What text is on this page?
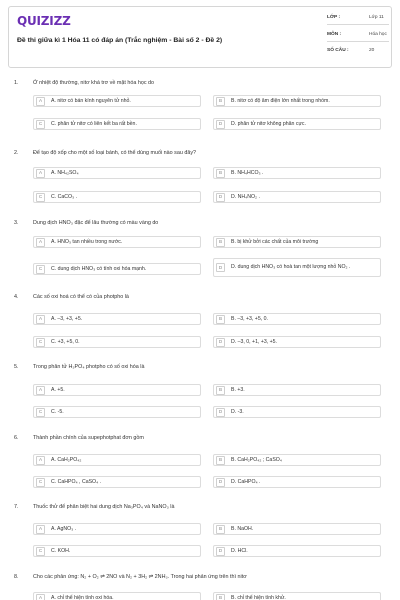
QUIZIZZ
Đề thi giữa kì 1 Hóa 11 có đáp án (Trắc nghiệm - Bài số 2 - Đề 2)
LỚP :	Lớp 11
MÔN :	Hóa học
SỐ CÂU :	20
1.	Ở nhiệt độ thường, nitơ khá trơ về mặt hóa học do
A	A. nitơ có bán kính nguyên tử nhỏ.	B	B. nitơ có độ âm điện lớn nhất trong nhóm.
C	C. phân tử nitơ có liên kết ba rất bền.	D	D. phân tử nitơ không phân cực.
2.	Để tạo độ xốp cho một số loại bánh, có thể dùng muối nào sau đây?
A	A. NH₄₂SO₄	B	B. NH₄HCO₃ .
C	C. CaCO₃ .	D	D. NH₄NO₂ .
3.	Dung dịch HNO₃ đặc để lâu thường có màu vàng do
A	A. HNO₃ tan nhiều trong nước.	B	B. bị khử bởi các chất của môi trường
C	C. dung dịch HNO₃ có tính oxi hóa mạnh.	D	D. dung dịch HNO₃ có hoà tan một lượng nhỏ NO₂ .
4.	Các số oxi hoá có thể có của photpho là
A	A. –3, +3, +5.	B	B. –3, +3, +5, 0.
C	C. +3, +5, 0.	D	D. –3, 0, +1, +3, +5.
5.	Trong phân tử H₃PO₄ photpho có số oxi hóa là
A	A. +5.	B	B. +3.
C	C. -5.	D	D. -3.
6.	Thành phần chính của supephotphat đơn gồm
A	A. CaH₂PO₄₂	B	B. CaH₂PO₄₂ ; CaSO₄
C	C. CaHPO₄ , CaSO₄ .	D	D. CaHPO₄ .
7.	Thuốc thử để phân biệt hai dung dịch Na₃PO₄ và NaNO₃ là
A	A. AgNO₃ .	B	B. NaOH.
C	C. KOH.	D	D. HCl.
8.	Cho các phản ứng: N₂ + O₂ ⇌ 2NO và N₂ + 3H₂ ⇌ 2NH₃. Trong hai phản ứng trên thì nitơ
A	A. chỉ thể hiện tính oxi hóa.	B	B. chỉ thể hiện tính khử.
